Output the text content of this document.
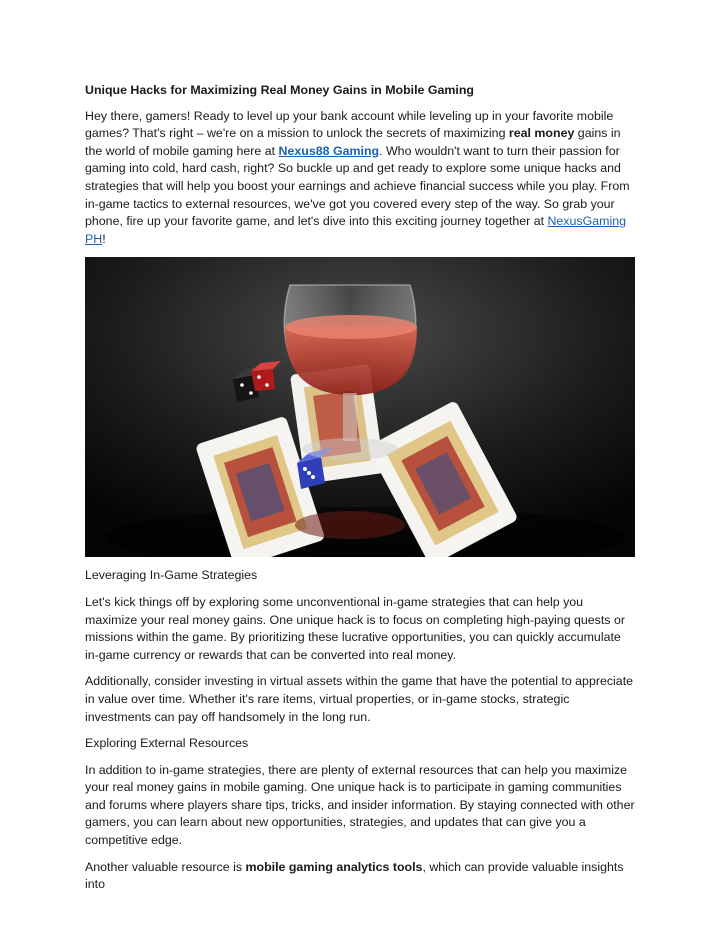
Unique Hacks for Maximizing Real Money Gains in Mobile Gaming

Hey there, gamers! Ready to level up your bank account while leveling up in your favorite mobile games? That's right – we're on a mission to unlock the secrets of maximizing real money gains in the world of mobile gaming here at Nexus88 Gaming. Who wouldn't want to turn their passion for gaming into cold, hard cash, right? So buckle up and get ready to explore some unique hacks and strategies that will help you boost your earnings and achieve financial success while you play. From in-game tactics to external resources, we've got you covered every step of the way. So grab your phone, fire up your favorite game, and let's dive into this exciting journey together at NexusGaming PH!

Leveraging In-Game Strategies

Let's kick things off by exploring some unconventional in-game strategies that can help you maximize your real money gains. One unique hack is to focus on completing high-paying quests or missions within the game. By prioritizing these lucrative opportunities, you can quickly accumulate in-game currency or rewards that can be converted into real money.

Additionally, consider investing in virtual assets within the game that have the potential to appreciate in value over time. Whether it's rare items, virtual properties, or in-game stocks, strategic investments can pay off handsomely in the long run.

Exploring External Resources

In addition to in-game strategies, there are plenty of external resources that can help you maximize your real money gains in mobile gaming. One unique hack is to participate in gaming communities and forums where players share tips, tricks, and insider information. By staying connected with other gamers, you can learn about new opportunities, strategies, and updates that can give you a competitive edge.

Another valuable resource is mobile gaming analytics tools, which can provide valuable insights into
